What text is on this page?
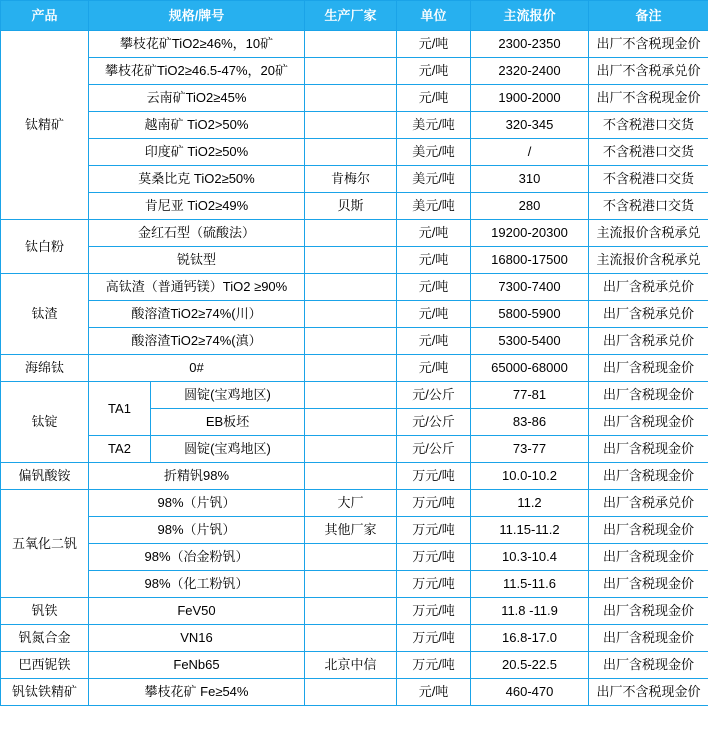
产品	规格/牌号		生产厂家	单位	主流报价	备注
钛精矿	攀枝花矿TiO2≥46%，10矿			元/吨	2300-2350	出厂不含税现金价
	攀枝花矿TiO2≥46.5-47%，20矿			元/吨	2320-2400	出厂不含税承兑价
	云南矿TiO2≥45%			元/吨	1900-2000	出厂不含税现金价
	越南矿 TiO2>50%			美元/吨	320-345	不含税港口交货
	印度矿 TiO2≥50%			美元/吨	/	不含税港口交货
	莫桑比克 TiO2≥50%		肯梅尔	美元/吨	310	不含税港口交货
	肯尼亚 TiO2≥49%		贝斯	美元/吨	280	不含税港口交货
钛白粉	金红石型（硫酸法）			元/吨	19200-20300	主流报价含税承兑
	锐钛型			元/吨	16800-17500	主流报价含税承兑
钛渣	高钛渣（普通钙镁）TiO2 ≥90%			元/吨	7300-7400	出厂含税承兑价
	酸溶渣TiO2≥74%(川）			元/吨	5800-5900	出厂含税承兑价
	酸溶渣TiO2≥74%(滇）			元/吨	5300-5400	出厂含税承兑价
海绵钛	0#			元/吨	65000-68000	出厂含税现金价
钛锭	TA1	圆锭(宝鸡地区)		元/公斤	77-81	出厂含税现金价
		EB板坯		元/公斤	83-86	出厂含税现金价
	TA2	圆锭(宝鸡地区)		元/公斤	73-77	出厂含税现金价
偏钒酸铵	折精钒98%			万元/吨	10.0-10.2	出厂含税现金价
五氧化二钒	98%（片钒）		大厂	万元/吨	11.2	出厂含税承兑价
	98%（片钒）		其他厂家	万元/吨	11.15-11.2	出厂含税现金价
	98%（冶金粉钒）			万元/吨	10.3-10.4	出厂含税现金价
	98%（化工粉钒）			万元/吨	11.5-11.6	出厂含税现金价
钒铁	FeV50			万元/吨	11.8 -11.9	出厂含税现金价
钒氮合金	VN16			万元/吨	16.8-17.0	出厂含税现金价
巴西铌铁	FeNb65		北京中信	万元/吨	20.5-22.5	出厂含税现金价
钒钛铁精矿	攀枝花矿 Fe≥54%			元/吨	460-470	出厂不含税现金价
